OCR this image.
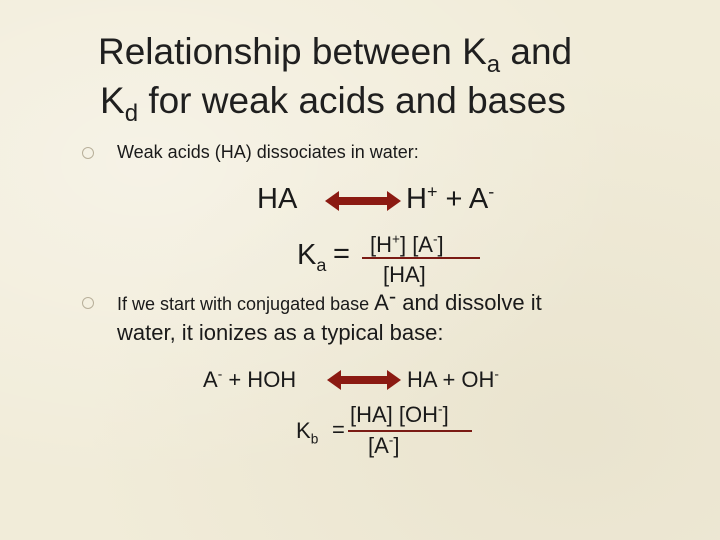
Relationship between $K_a$ and
$K_d$ for weak acids and bases
Weak acids (HA) dissociates in water:
HA	H+ + A-
$K_a = [H^+]$ [A-]
[HA]
If we start with conjugated base A- and dissolve it
water, it ionizes as a typical base:
A- + HOH	HA + OH-
$K_b$ =
[HA] [OH-]
[A-]
